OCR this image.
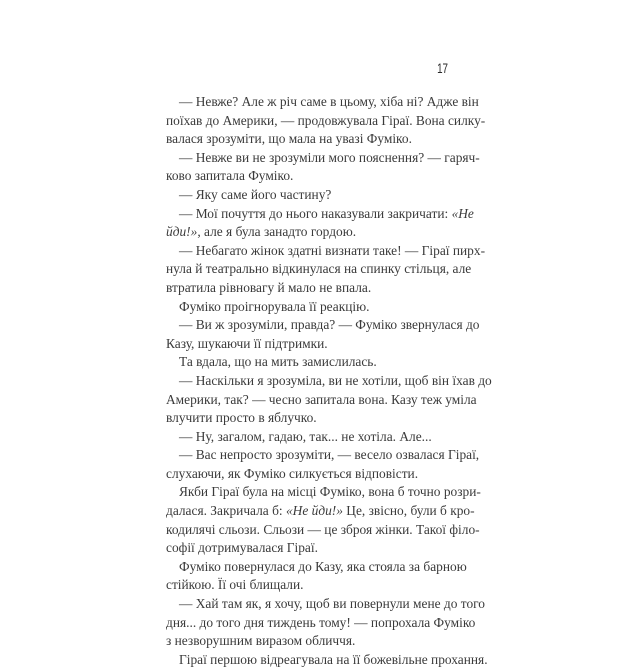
17
— Невже? Але ж річ саме в цьому, хіба ні? Адже він
поїхав до Америки, — продовжувала Гіраї. Вона силку-
валася зрозуміти, що мала на увазі Фуміко.
— Невже ви не зрозуміли мого пояснення? — гаряч-
ково запитала Фуміко.
— Яку саме його частину?
— Мої почуття до нього наказували закричати: «Не
йди!», але я була занадто гордою.
— Небагато жінок здатні визнати таке! — Гіраї пирх-
нула й театрально відкинулася на спинку стільця, але
втратила рівновагу й мало не впала.
Фуміко проігнорувала її реакцію.
— Ви ж зрозуміли, правда? — Фуміко звернулася до
Казу, шукаючи її підтримки.
Та вдала, що на мить замислилась.
— Наскільки я зрозуміла, ви не хотіли, щоб він їхав до
Америки, так? — чесно запитала вона. Казу теж уміла
влучити просто в яблучко.
— Ну, загалом, гадаю, так... не хотіла. Але...
— Вас непросто зрозуміти, — весело озвалася Гіраї,
слухаючи, як Фуміко силкується відповісти.
Якби Гіраї була на місці Фуміко, вона б точно розри-
далася. Закричала б: «Не йди!» Це, звісно, були б кро-
кодилячі сльози. Сльози — це зброя жінки. Такої філо-
софії дотримувалася Гіраї.
Фуміко повернулася до Казу, яка стояла за барною
стійкою. Її очі блищали.
— Хай там як, я хочу, щоб ви повернули мене до того
дня... до того дня тиждень тому! — попрохала Фуміко
з незворушним виразом обличчя.
Гіраї першою відреагувала на її божевільне прохання.
